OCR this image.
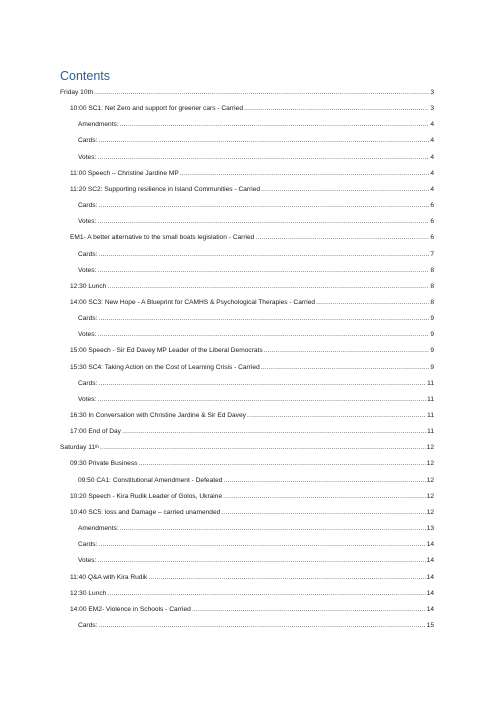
Contents
Friday 10th .....	3
10:00 SC1: Net Zero and support for greener cars - Carried .....	3
Amendments: .....	4
Cards: .....	4
Votes: .....	4
11:00 Speech – Christine Jardine MP .....	4
11:20 SC2: Supporting resilience in Island Communities - Carried .....	4
Cards: .....	6
Votes: .....	6
EM1- A better alternative to the small boats legislation - Carried .....	6
Cards: .....	7
Votes: .....	8
12:30 Lunch .....	8
14:00 SC3: New Hope - A Blueprint for CAMHS & Psychological Therapies - Carried .....	8
Cards: .....	9
Votes: .....	9
15:00 Speech - Sir Ed Davey MP Leader of the Liberal Democrats .....	9
15:30 SC4: Taking Action on the Cost of Learning Crisis - Carried .....	9
Cards: .....	11
Votes: .....	11
16:30 In Conversation with Christine Jardine & Sir Ed Davey .....	11
17:00 End of Day .....	11
Saturday 11th .....	12
09:30 Private Business .....	12
09:50 CA1: Constitutional Amendment - Defeated .....	12
10:20 Speech - Kira Rudik Leader of Golos, Ukraine .....	12
10:40 SC5: loss and Damage – carried unamended .....	12
Amendments: .....	13
Cards: .....	14
Votes: .....	14
11:40 Q&A with Kira Rudik .....	14
12:30 Lunch .....	14
14:00 EM2- Violence in Schools - Carried .....	14
Cards: .....	15
